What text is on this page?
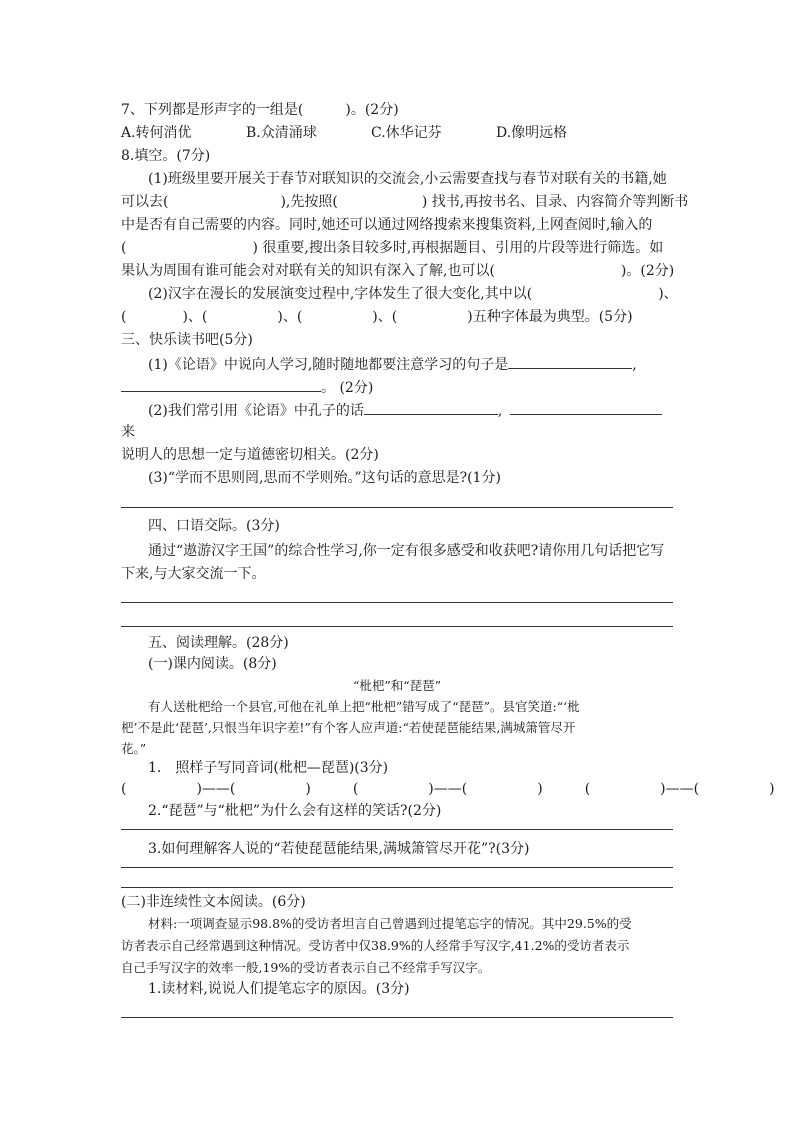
7、下列都是形声字的一组是(　　　)。(2分)
A.转何消优	B.众清涌球	C.休华记芬	D.像明远格
8.填空。(7分)
(1)班级里要开展关于春节对联知识的交流会,小云需要查找与春节对联有关的书籍,她
可以去(　　　　　　　　),先按照(　　　　　　) 找书,再按书名、目录、内容简介等判断书
中是否有自己需要的内容。同时,她还可以通过网络搜索来搜集资料,上网查阅时,输入的
(　　　　　　　　　) 很重要,搜出条目较多时,再根据题目、引用的片段等进行筛选。如
果认为周围有谁可能会对对联有关的知识有深入了解,也可以(　　　　　　　　　)。(2分)
(2)汉字在漫长的发展演变过程中,字体发生了很大变化,其中以(　　　　　　　　　)、
(　　　　)、(　　　　　)、(　　　　　)、(　　　　　)五种字体最为典型。(5分)
三、快乐读书吧(5分)
(1)《论语》中说向人学习,随时随地都要注意学习的句子是	,
。 (2分)
(2)我们常引用《论语》中孔子的话	,
来
说明人的思想一定与道德密切相关。(2分)
(3)“学而不思则罔,思而不学则殆。”这句话的意思是?(1分)
四、口语交际。(3分)
通过“遨游汉字王国”的综合性学习,你一定有很多感受和收获吧?请你用几句话把它写
下来,与大家交流一下。
五、阅读理解。(28分)
(一)课内阅读。(8分)
“枇杷”和“琵琶”
有人送枇杷给一个县官,可他在礼单上把“枇杷”错写成了“琵琶”。县官笑道:“‘枇
杷’不是此‘琵琶’,只恨当年识字差!”有个客人应声道:“若使琵琶能结果,满城箫管尽开
花。”
1.　照样子写同音词(枇杷—琵琶)(3分)
(　　　　　)——(　　　　　)　　　(　　　　　)——(　　　　　)　　　(　　　　　)——(　　　　　)
2.“琵琶”与“枇杷”为什么会有这样的笑话?(2分)
3.如何理解客人说的“若使琵琶能结果,满城箫管尽开花”?(3分)
(二)非连续性文本阅读。(6分)
材料:一项调查显示98.8%的受访者坦言自己曾遇到过提笔忘字的情况。其中29.5%的受
访者表示自己经常遇到这种情况。受访者中仅38.9%的人经常手写汉字,41.2%的受访者表示
自己手写汉字的效率一般,19%的受访者表示自己不经常手写汉字。
1.读材料,说说人们提笔忘字的原因。(3分)
